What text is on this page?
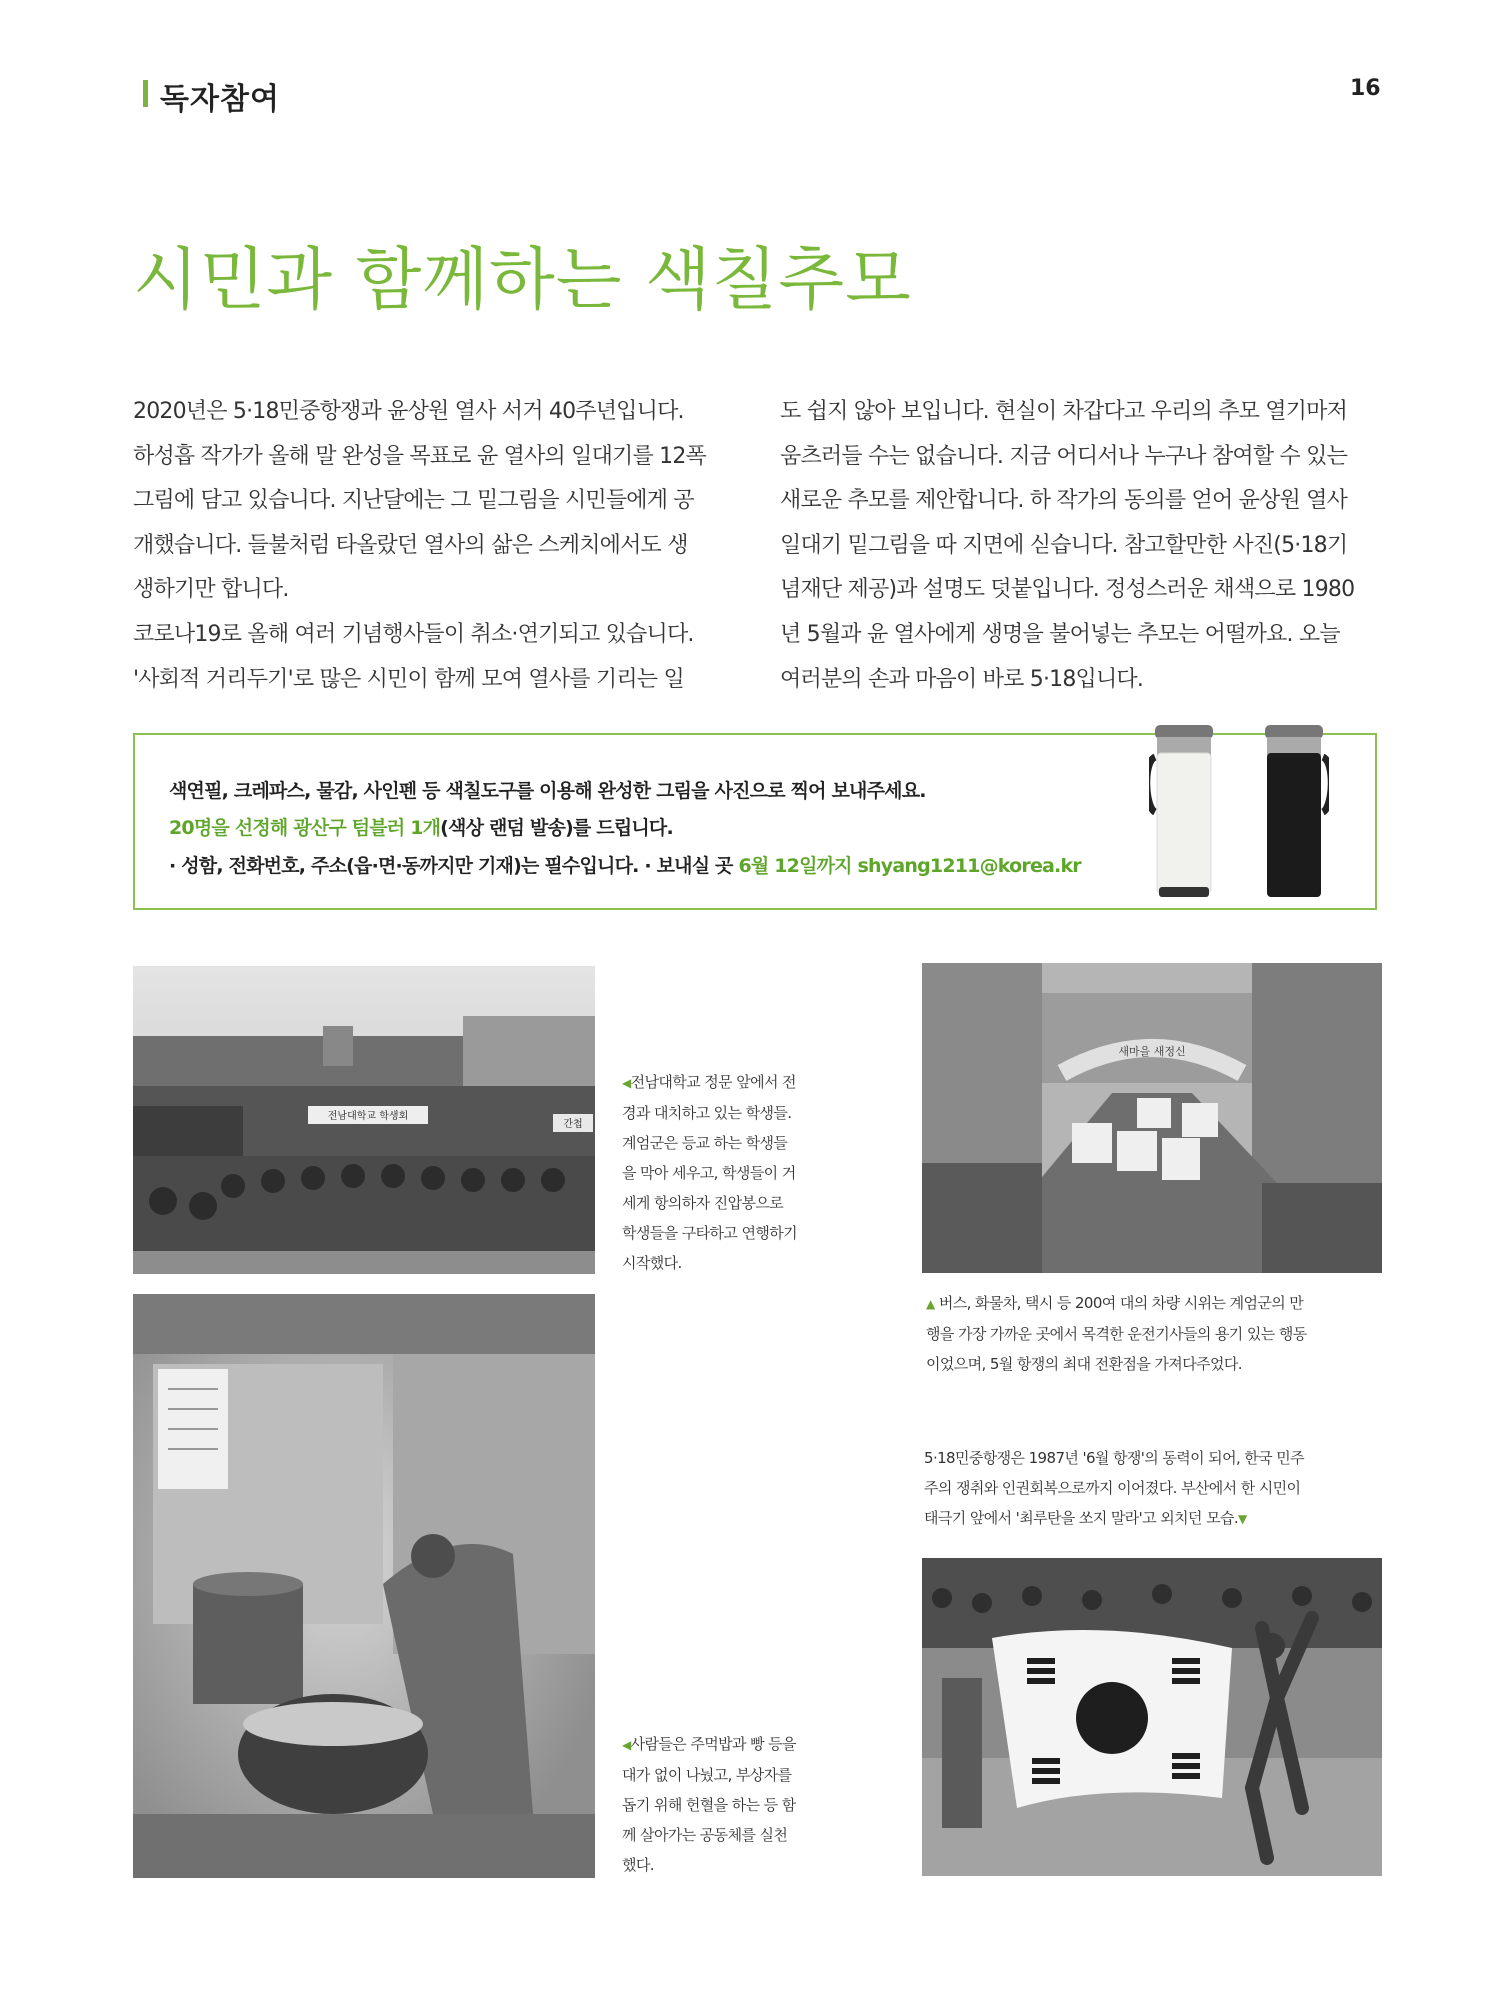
독자참여	16
시민과 함께하는 색칠추모

2020년은 5·18민중항쟁과 윤상원 열사 서거 40주년입니다.

하성흡 작가가 올해 말 완성을 목표로 윤 열사의 일대기를 12폭

그림에 담고 있습니다. 지난달에는 그 밑그림을 시민들에게 공

개했습니다. 들불처럼 타올랐던 열사의 삶은 스케치에서도 생

생하기만 합니다.

코로나19로 올해 여러 기념행사들이 취소·연기되고 있습니다.

'사회적 거리두기'로 많은 시민이 함께 모여 열사를 기리는 일

도 쉽지 않아 보입니다. 현실이 차갑다고 우리의 추모 열기마저

움츠러들 수는 없습니다. 지금 어디서나 누구나 참여할 수 있는

새로운 추모를 제안합니다. 하 작가의 동의를 얻어 윤상원 열사

일대기 밑그림을 따 지면에 싣습니다. 참고할만한 사진(5·18기

념재단 제공)과 설명도 덧붙입니다. 정성스러운 채색으로 1980

년 5월과 윤 열사에게 생명을 불어넣는 추모는 어떨까요. 오늘

여러분의 손과 마음이 바로 5·18입니다.

색연필, 크레파스, 물감, 사인펜 등 색칠도구를 이용해 완성한 그림을 사진으로 찍어 보내주세요.
20명을 선정해 광산구 텀블러 1개(색상 랜덤 발송)를 드립니다.
· 성함, 전화번호, 주소(읍·면·동까지만 기재)는 필수입니다. · 보내실 곳 6월 12일까지 shyang1211@korea.kr
전남대학교 학생회
간첩
◀전남대학교 정문 앞에서 전
경과 대치하고 있는 학생들.
계엄군은 등교 하는 학생들
을 막아 세우고, 학생들이 거
세게 항의하자 진압봉으로
학생들을 구타하고 연행하기
시작했다.
새마을 새정신
▲ 버스, 화물차, 택시 등 200여 대의 차량 시위는 계엄군의 만
행을 가장 가까운 곳에서 목격한 운전기사들의 용기 있는 행동
이었으며, 5월 항쟁의 최대 전환점을 가져다주었다.
◀사람들은 주먹밥과 빵 등을
대가 없이 나눴고, 부상자를
돕기 위해 헌혈을 하는 등 함
께 살아가는 공동체를 실천
했다.
5·18민중항쟁은 1987년 '6월 항쟁'의 동력이 되어, 한국 민주
주의 쟁취와 인권회복으로까지 이어졌다. 부산에서 한 시민이
태극기 앞에서 '최루탄을 쏘지 말라'고 외치던 모습.▼
